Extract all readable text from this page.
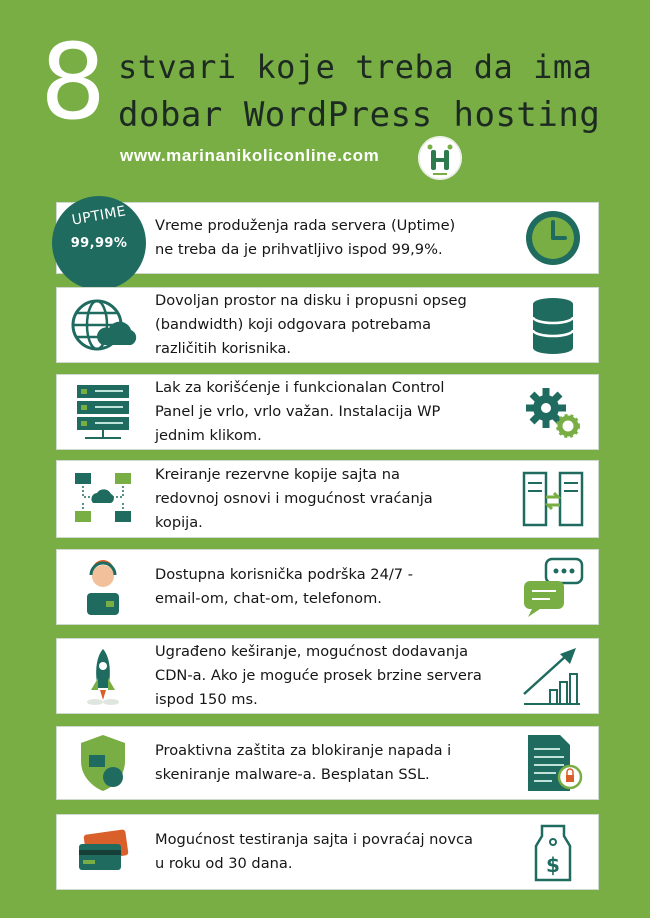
8 stvari koje treba da ima
dobar WordPress hosting
www.marinanikoliconline.com
Vreme produženja rada servera (Uptime)
ne treba da je prihvatljivo ispod 99,9%.
UPTIME
99,99%
Dovoljan prostor na disku i propusni opseg
(bandwidth) koji odgovara potrebama
različitih korisnika.
Lak za korišćenje i funkcionalan Control
Panel je vrlo, vrlo važan. Instalacija WP
jednim klikom.
Kreiranje rezervne kopije sajta na
redovnoj osnovi i mogućnost vraćanja
kopija.
Dostupna korisnička podrška 24/7 -
email-om, chat-om, telefonom.
Ugrađeno keširanje, mogućnost dodavanja
CDN-a. Ako je moguće prosek brzine servera
ispod 150 ms.
Proaktivna zaštita za blokiranje napada i
skeniranje malware-a. Besplatan SSL.
Mogućnost testiranja sajta i povraćaj novca
u roku od 30 dana.	$
